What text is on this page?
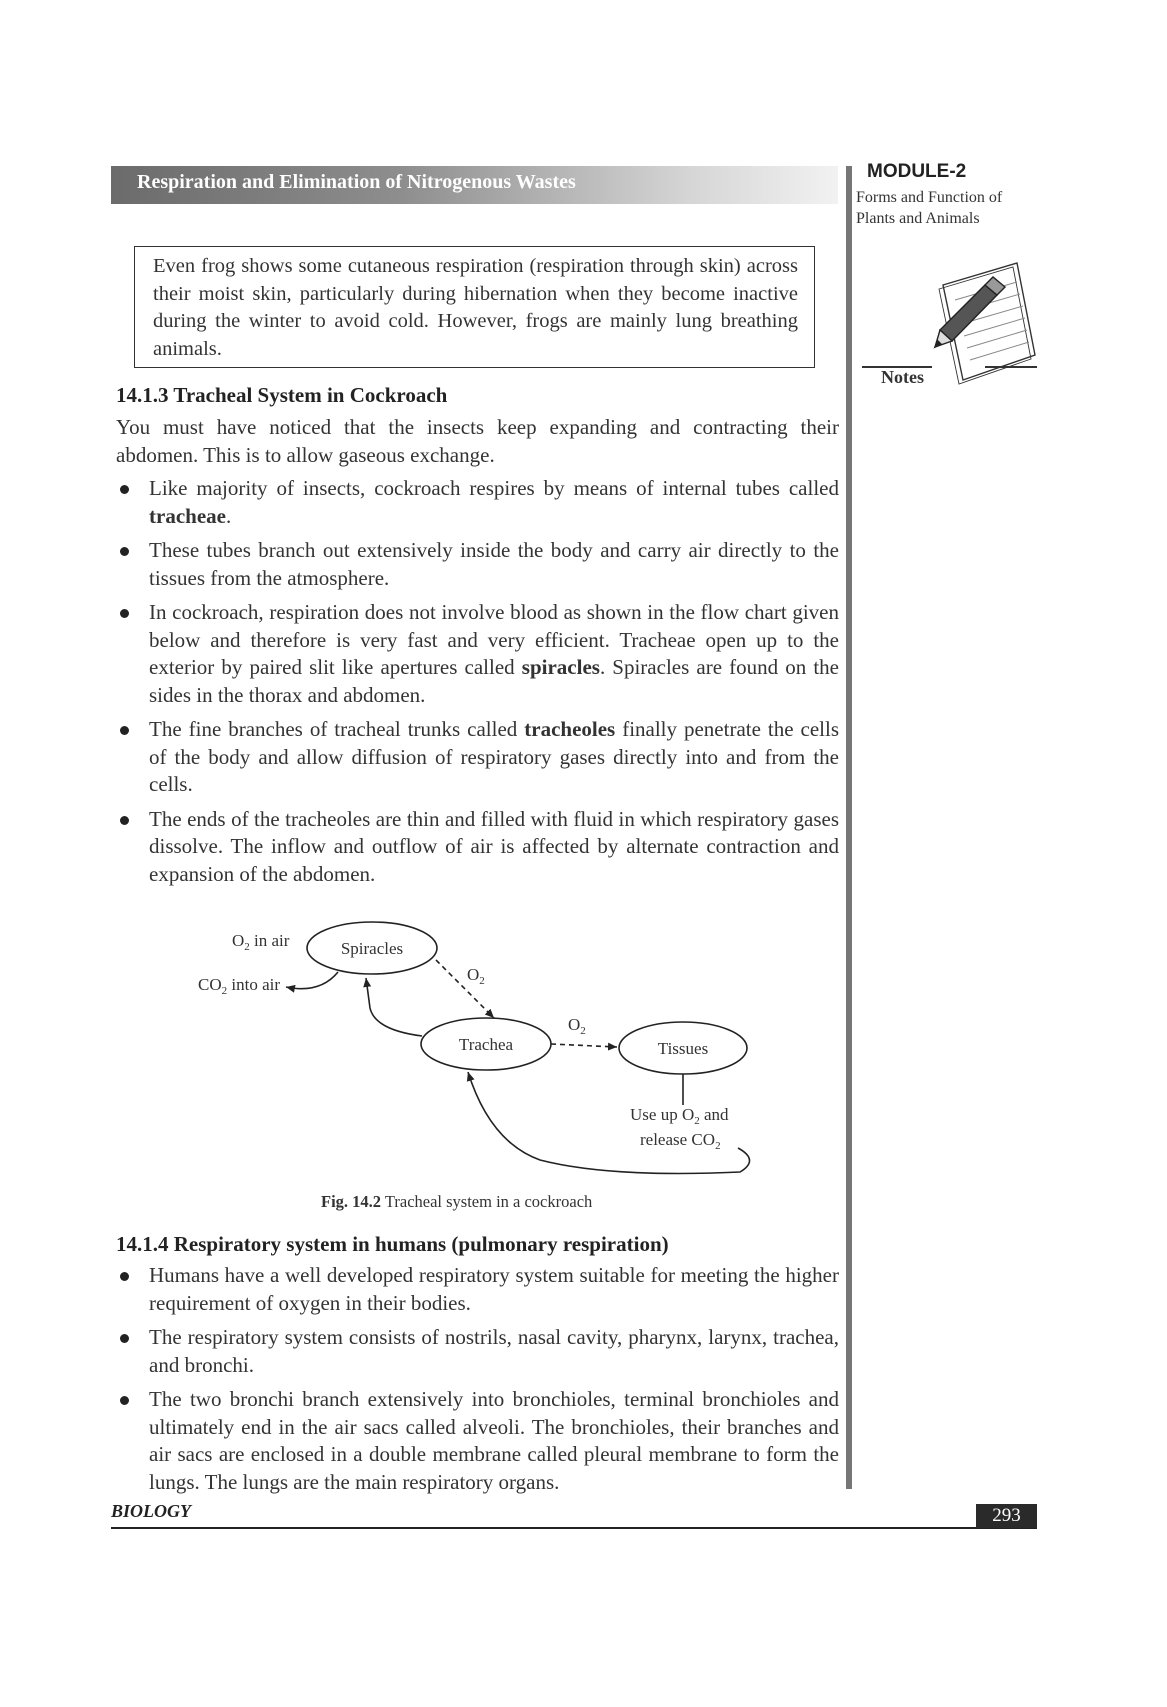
Respiration and Elimination of Nitrogenous Wastes	MODULE-2
Forms and Function of
Plants and Animals
Notes
Even frog shows some cutaneous respiration (respiration through skin) across their moist skin, particularly during hibernation when they become inactive during the winter to avoid cold. However, frogs are mainly lung breathing animals.
14.1.3 Tracheal System in Cockroach
You must have noticed that the insects keep expanding and contracting their abdomen. This is to allow gaseous exchange.
Like majority of insects, cockroach respires by means of internal tubes called tracheae.
These tubes branch out extensively inside the body and carry air directly to the tissues from the atmosphere.
In cockroach, respiration does not involve blood as shown in the flow chart given below and therefore is very fast and very efficient. Tracheae open up to the exterior by paired slit like apertures called spiracles. Spiracles are found on the sides in the thorax and abdomen.
The fine branches of tracheal trunks called tracheoles finally penetrate the cells of the body and allow diffusion of respiratory gases directly into and from the cells.
The ends of the tracheoles are thin and filled with fluid in which respiratory gases dissolve. The inflow and outflow of air is affected by alternate contraction and expansion of the abdomen.
Spiracles
Trachea	Tissues
$O_2$ in air
$CO_2$ into air
$O_2$
$O_2$
Use up $O_2$ and
release $CO_2$
Fig. 14.2 Tracheal system in a cockroach
14.1.4 Respiratory system in humans (pulmonary respiration)
Humans have a well developed respiratory system suitable for meeting the higher requirement of oxygen in their bodies.
The respiratory system consists of nostrils, nasal cavity, pharynx, larynx, trachea, and bronchi.
The two bronchi branch extensively into bronchioles, terminal bronchioles and ultimately end in the air sacs called alveoli. The bronchioles, their branches and air sacs are enclosed in a double membrane called pleural membrane to form the lungs. The lungs are the main respiratory organs.
BIOLOGY	293
